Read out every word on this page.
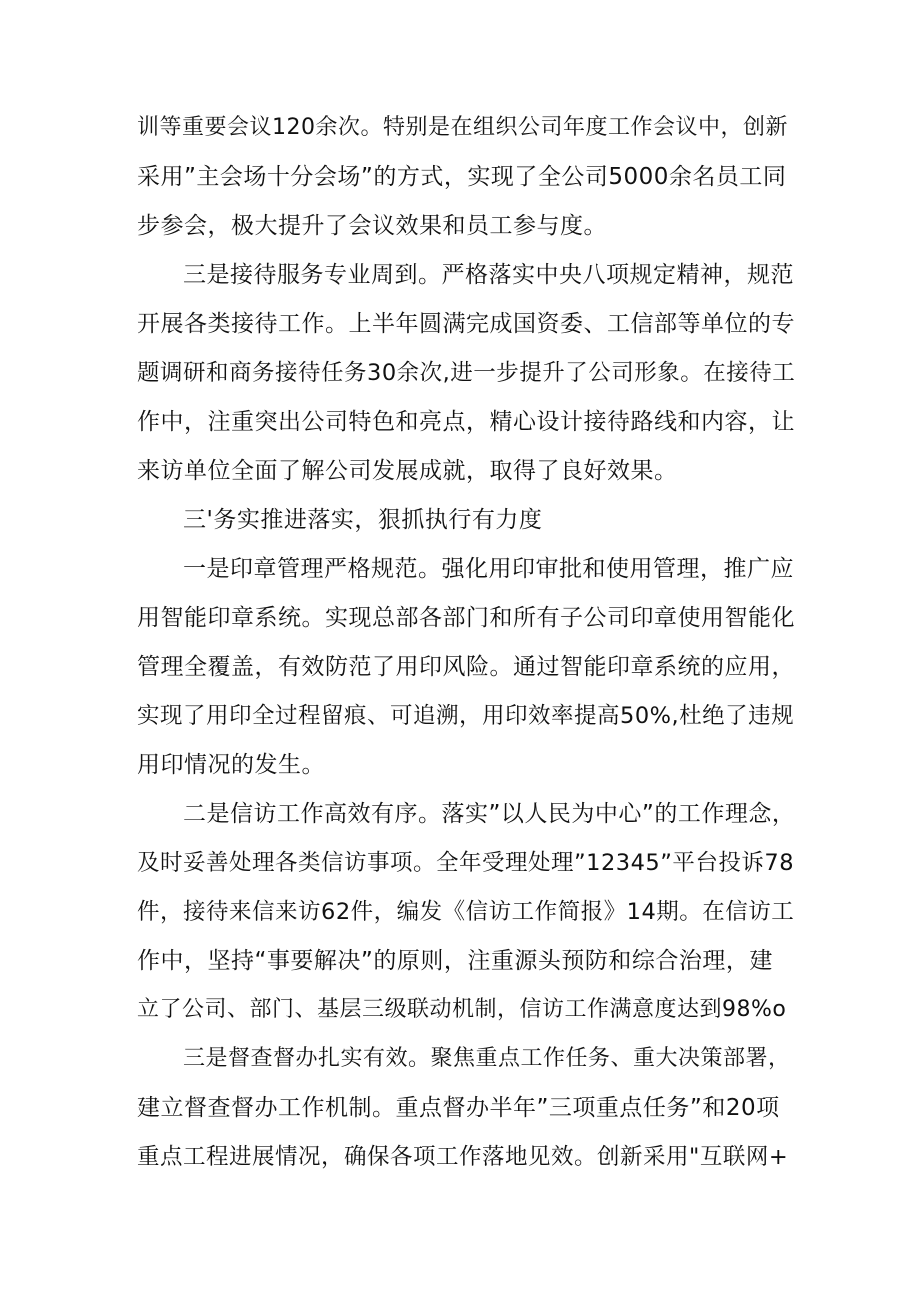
训等重要会议120余次。特别是在组织公司年度工作会议中，创新
采用”主会场十分会场”的方式，实现了全公司5000余名员工同
步参会，极大提升了会议效果和员工参与度。
三是接待服务专业周到。严格落实中央八项规定精神，规范
开展各类接待工作。上半年圆满完成国资委、工信部等单位的专
题调研和商务接待任务30余次,进一步提升了公司形象。在接待工
作中，注重突出公司特色和亮点，精心设计接待路线和内容，让
来访单位全面了解公司发展成就，取得了良好效果。
三'务实推进落实，狠抓执行有力度
一是印章管理严格规范。强化用印审批和使用管理，推广应
用智能印章系统。实现总部各部门和所有子公司印章使用智能化
管理全覆盖，有效防范了用印风险。通过智能印章系统的应用，
实现了用印全过程留痕、可追溯，用印效率提高50%,杜绝了违规
用印情况的发生。
二是信访工作高效有序。落实”以人民为中心”的工作理念，
及时妥善处理各类信访事项。全年受理处理”12345”平台投诉78
件，接待来信来访62件，编发《信访工作简报》14期。在信访工
作中，坚持“事要解决”的原则，注重源头预防和综合治理，建
立了公司、部门、基层三级联动机制，信访工作满意度达到98%o
三是督查督办扎实有效。聚焦重点工作任务、重大决策部署，
建立督查督办工作机制。重点督办半年”三项重点任务”和20项
重点工程进展情况，确保各项工作落地见效。创新采用"互联网+
